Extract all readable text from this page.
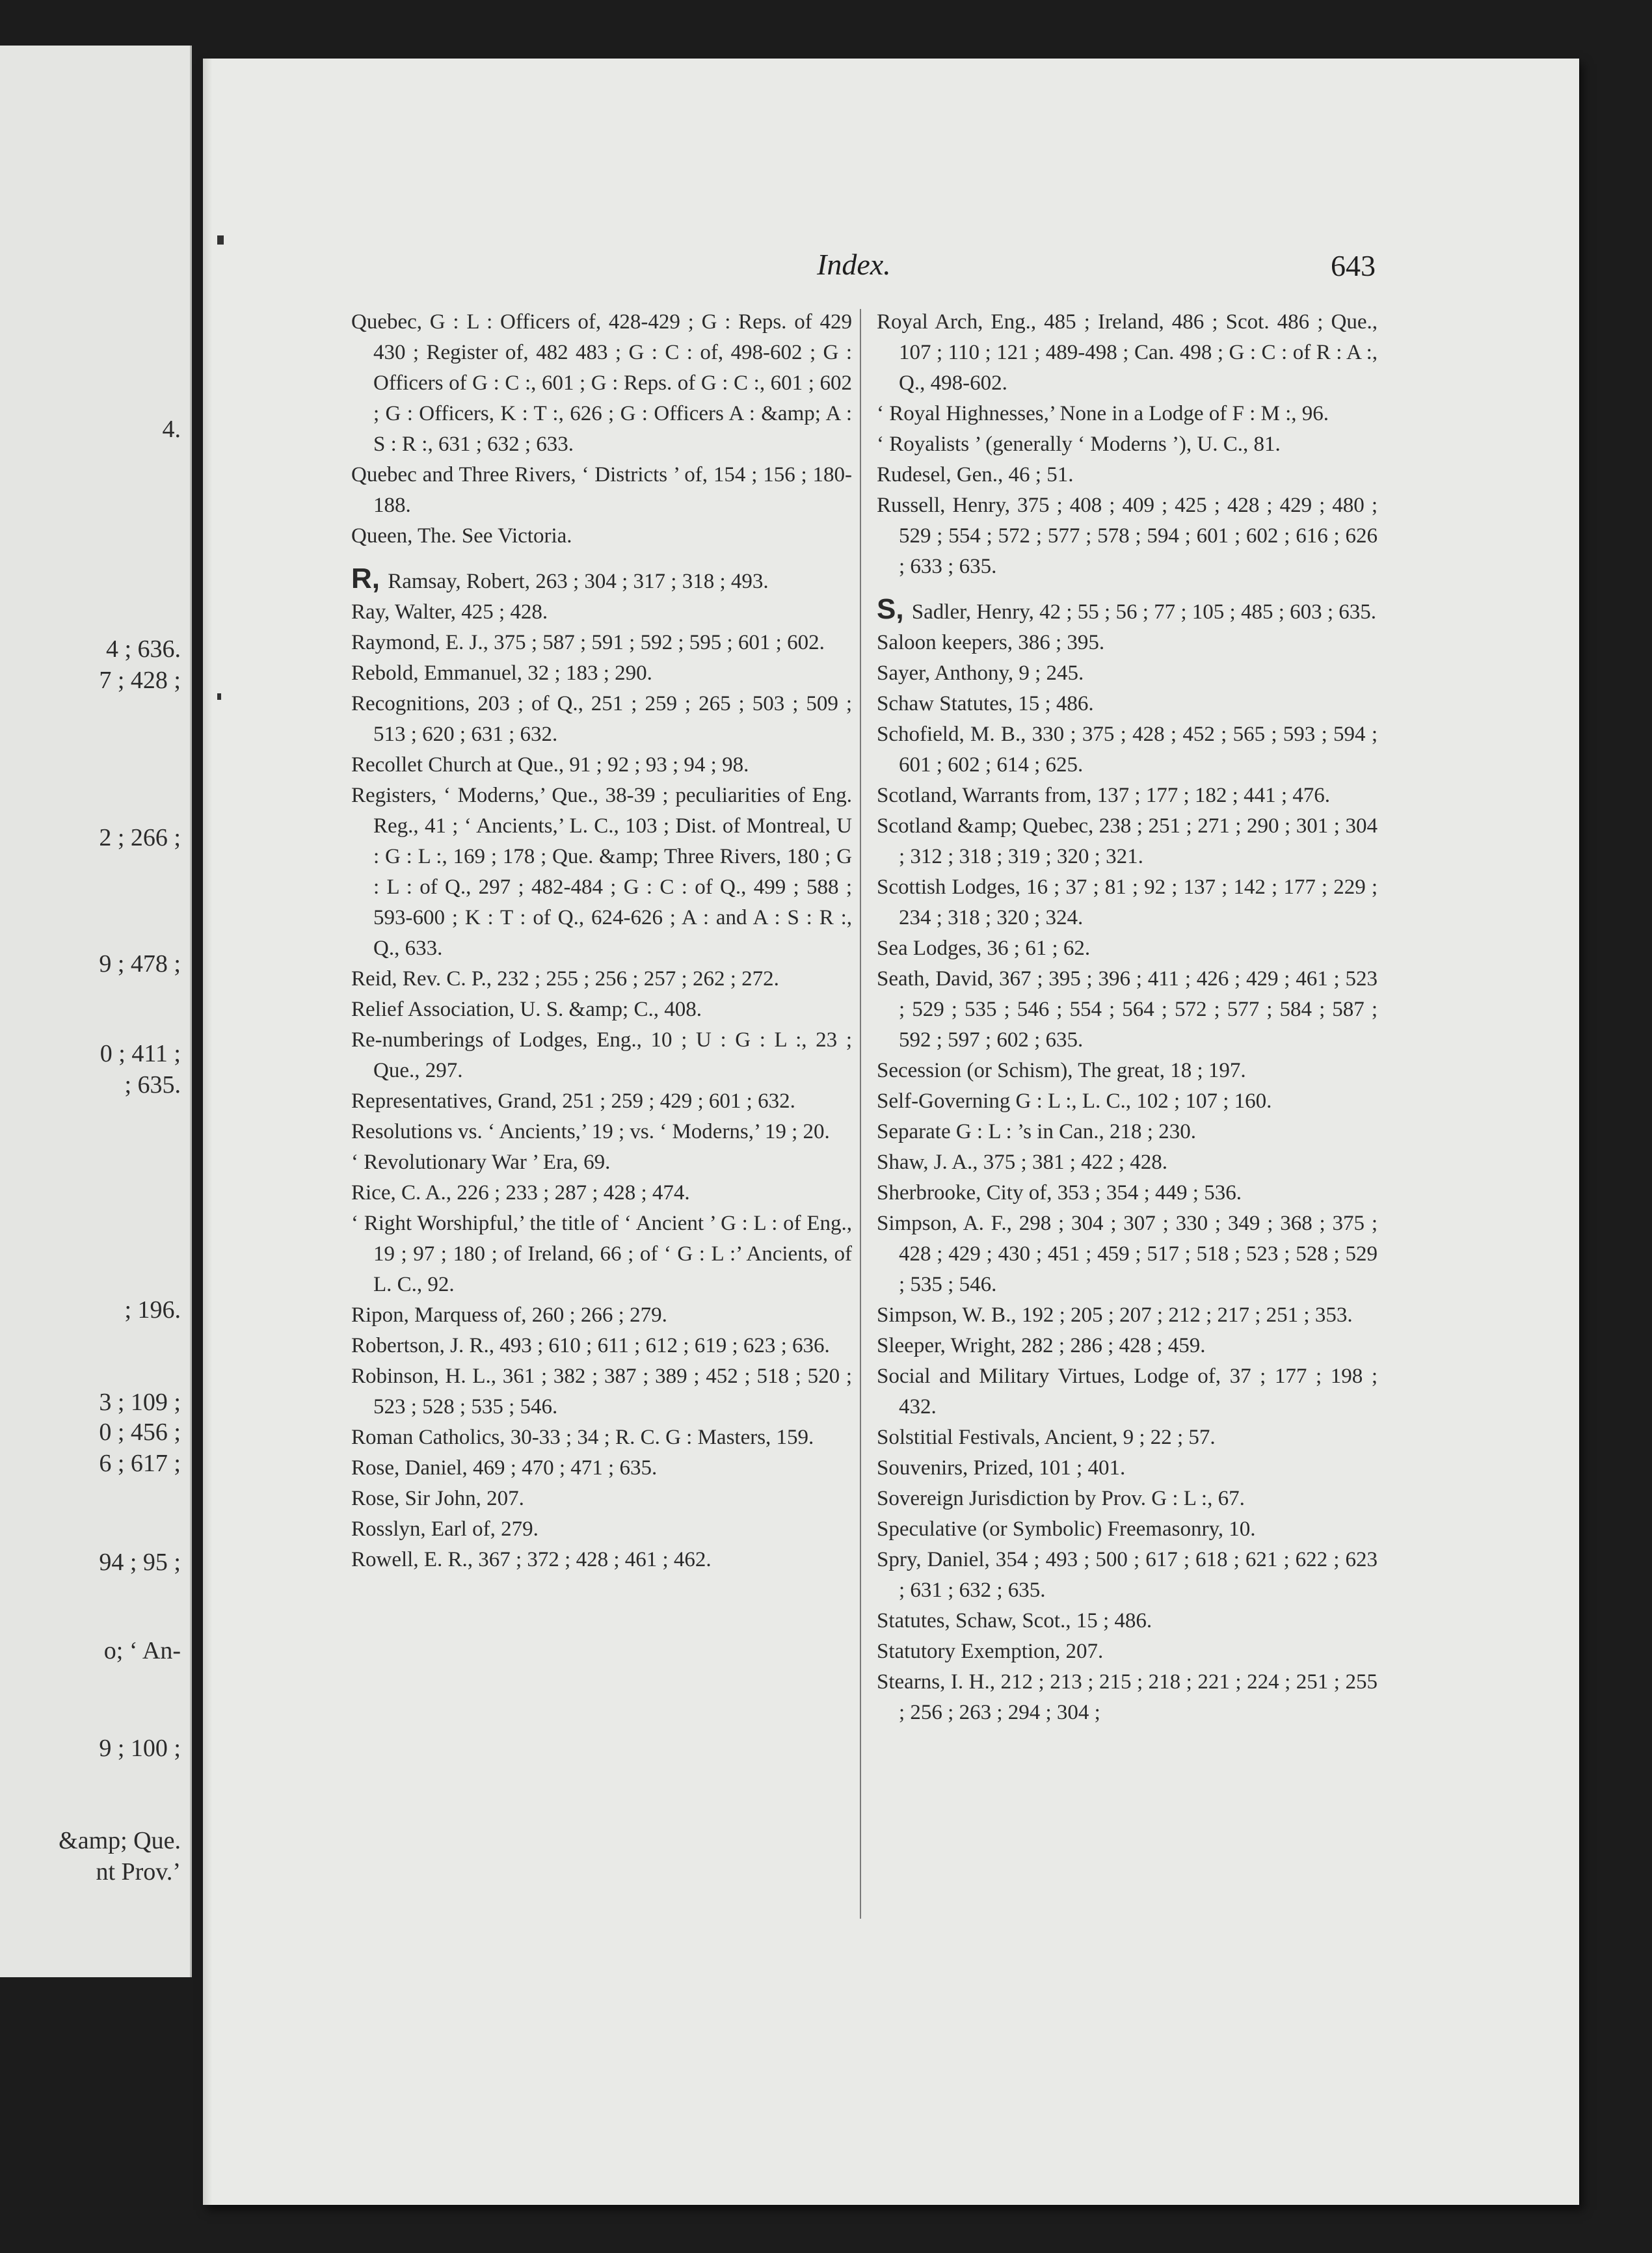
4.
4 ; 636.
7 ; 428 ;
2 ; 266 ;
9 ; 478 ;
0 ; 411 ;
; 635.
; 196.
3 ; 109 ;
0 ; 456 ;
6 ; 617 ;
94 ; 95 ;
o; ‘ An-
9 ; 100 ;
&amp; Que.
nt Prov.’
Index.	643

Quebec, G : L : Officers of, 428-429 ; G : Reps. of 429 430 ; Register of, 482 483 ; G : C : of, 498-602 ; G : Officers of G : C :, 601 ; G : Reps. of G : C :, 601 ; 602 ; G : Officers, K : T :, 626 ; G : Officers A : &amp; A : S : R :, 631 ; 632 ; 633.

Quebec and Three Rivers, ‘ Districts ’ of, 154 ; 156 ; 180-188.

Queen, The. See Victoria.

R, Ramsay, Robert, 263 ; 304 ; 317 ; 318 ; 493.

Ray, Walter, 425 ; 428.

Raymond, E. J., 375 ; 587 ; 591 ; 592 ; 595 ; 601 ; 602.

Rebold, Emmanuel, 32 ; 183 ; 290.

Recognitions, 203 ; of Q., 251 ; 259 ; 265 ; 503 ; 509 ; 513 ; 620 ; 631 ; 632.

Recollet Church at Que., 91 ; 92 ; 93 ; 94 ; 98.

Registers, ‘ Moderns,’ Que., 38-39 ; peculiarities of Eng. Reg., 41 ; ‘ Ancients,’ L. C., 103 ; Dist. of Montreal, U : G : L :, 169 ; 178 ; Que. &amp; Three Rivers, 180 ; G : L : of Q., 297 ; 482-484 ; G : C : of Q., 499 ; 588 ; 593-600 ; K : T : of Q., 624-626 ; A : and A : S : R :, Q., 633.

Reid, Rev. C. P., 232 ; 255 ; 256 ; 257 ; 262 ; 272.

Relief Association, U. S. &amp; C., 408.

Re-numberings of Lodges, Eng., 10 ; U : G : L :, 23 ; Que., 297.

Representatives, Grand, 251 ; 259 ; 429 ; 601 ; 632.

Resolutions vs. ‘ Ancients,’ 19 ; vs. ‘ Moderns,’ 19 ; 20.

‘ Revolutionary War ’ Era, 69.

Rice, C. A., 226 ; 233 ; 287 ; 428 ; 474.

‘ Right Worshipful,’ the title of ‘ Ancient ’ G : L : of Eng., 19 ; 97 ; 180 ; of Ireland, 66 ; of ‘ G : L :’ Ancients, of L. C., 92.

Ripon, Marquess of, 260 ; 266 ; 279.

Robertson, J. R., 493 ; 610 ; 611 ; 612 ; 619 ; 623 ; 636.

Robinson, H. L., 361 ; 382 ; 387 ; 389 ; 452 ; 518 ; 520 ; 523 ; 528 ; 535 ; 546.

Roman Catholics, 30-33 ; 34 ; R. C. G : Masters, 159.

Rose, Daniel, 469 ; 470 ; 471 ; 635.

Rose, Sir John, 207.

Rosslyn, Earl of, 279.

Rowell, E. R., 367 ; 372 ; 428 ; 461 ; 462.

Royal Arch, Eng., 485 ; Ireland, 486 ; Scot. 486 ; Que., 107 ; 110 ; 121 ; 489-498 ; Can. 498 ; G : C : of R : A :, Q., 498-602.

‘ Royal Highnesses,’ None in a Lodge of F : M :, 96.

‘ Royalists ’ (generally ‘ Moderns ’), U. C., 81.

Rudesel, Gen., 46 ; 51.

Russell, Henry, 375 ; 408 ; 409 ; 425 ; 428 ; 429 ; 480 ; 529 ; 554 ; 572 ; 577 ; 578 ; 594 ; 601 ; 602 ; 616 ; 626 ; 633 ; 635.

S, Sadler, Henry, 42 ; 55 ; 56 ; 77 ; 105 ; 485 ; 603 ; 635.

Saloon keepers, 386 ; 395.

Sayer, Anthony, 9 ; 245.

Schaw Statutes, 15 ; 486.

Schofield, M. B., 330 ; 375 ; 428 ; 452 ; 565 ; 593 ; 594 ; 601 ; 602 ; 614 ; 625.

Scotland, Warrants from, 137 ; 177 ; 182 ; 441 ; 476.

Scotland &amp; Quebec, 238 ; 251 ; 271 ; 290 ; 301 ; 304 ; 312 ; 318 ; 319 ; 320 ; 321.

Scottish Lodges, 16 ; 37 ; 81 ; 92 ; 137 ; 142 ; 177 ; 229 ; 234 ; 318 ; 320 ; 324.

Sea Lodges, 36 ; 61 ; 62.

Seath, David, 367 ; 395 ; 396 ; 411 ; 426 ; 429 ; 461 ; 523 ; 529 ; 535 ; 546 ; 554 ; 564 ; 572 ; 577 ; 584 ; 587 ; 592 ; 597 ; 602 ; 635.

Secession (or Schism), The great, 18 ; 197.

Self-Governing G : L :, L. C., 102 ; 107 ; 160.

Separate G : L : ’s in Can., 218 ; 230.

Shaw, J. A., 375 ; 381 ; 422 ; 428.

Sherbrooke, City of, 353 ; 354 ; 449 ; 536.

Simpson, A. F., 298 ; 304 ; 307 ; 330 ; 349 ; 368 ; 375 ; 428 ; 429 ; 430 ; 451 ; 459 ; 517 ; 518 ; 523 ; 528 ; 529 ; 535 ; 546.

Simpson, W. B., 192 ; 205 ; 207 ; 212 ; 217 ; 251 ; 353.

Sleeper, Wright, 282 ; 286 ; 428 ; 459.

Social and Military Virtues, Lodge of, 37 ; 177 ; 198 ; 432.

Solstitial Festivals, Ancient, 9 ; 22 ; 57.

Souvenirs, Prized, 101 ; 401.

Sovereign Jurisdiction by Prov. G : L :, 67.

Speculative (or Symbolic) Freemasonry, 10.

Spry, Daniel, 354 ; 493 ; 500 ; 617 ; 618 ; 621 ; 622 ; 623 ; 631 ; 632 ; 635.

Statutes, Schaw, Scot., 15 ; 486.

Statutory Exemption, 207.

Stearns, I. H., 212 ; 213 ; 215 ; 218 ; 221 ; 224 ; 251 ; 255 ; 256 ; 263 ; 294 ; 304 ;
